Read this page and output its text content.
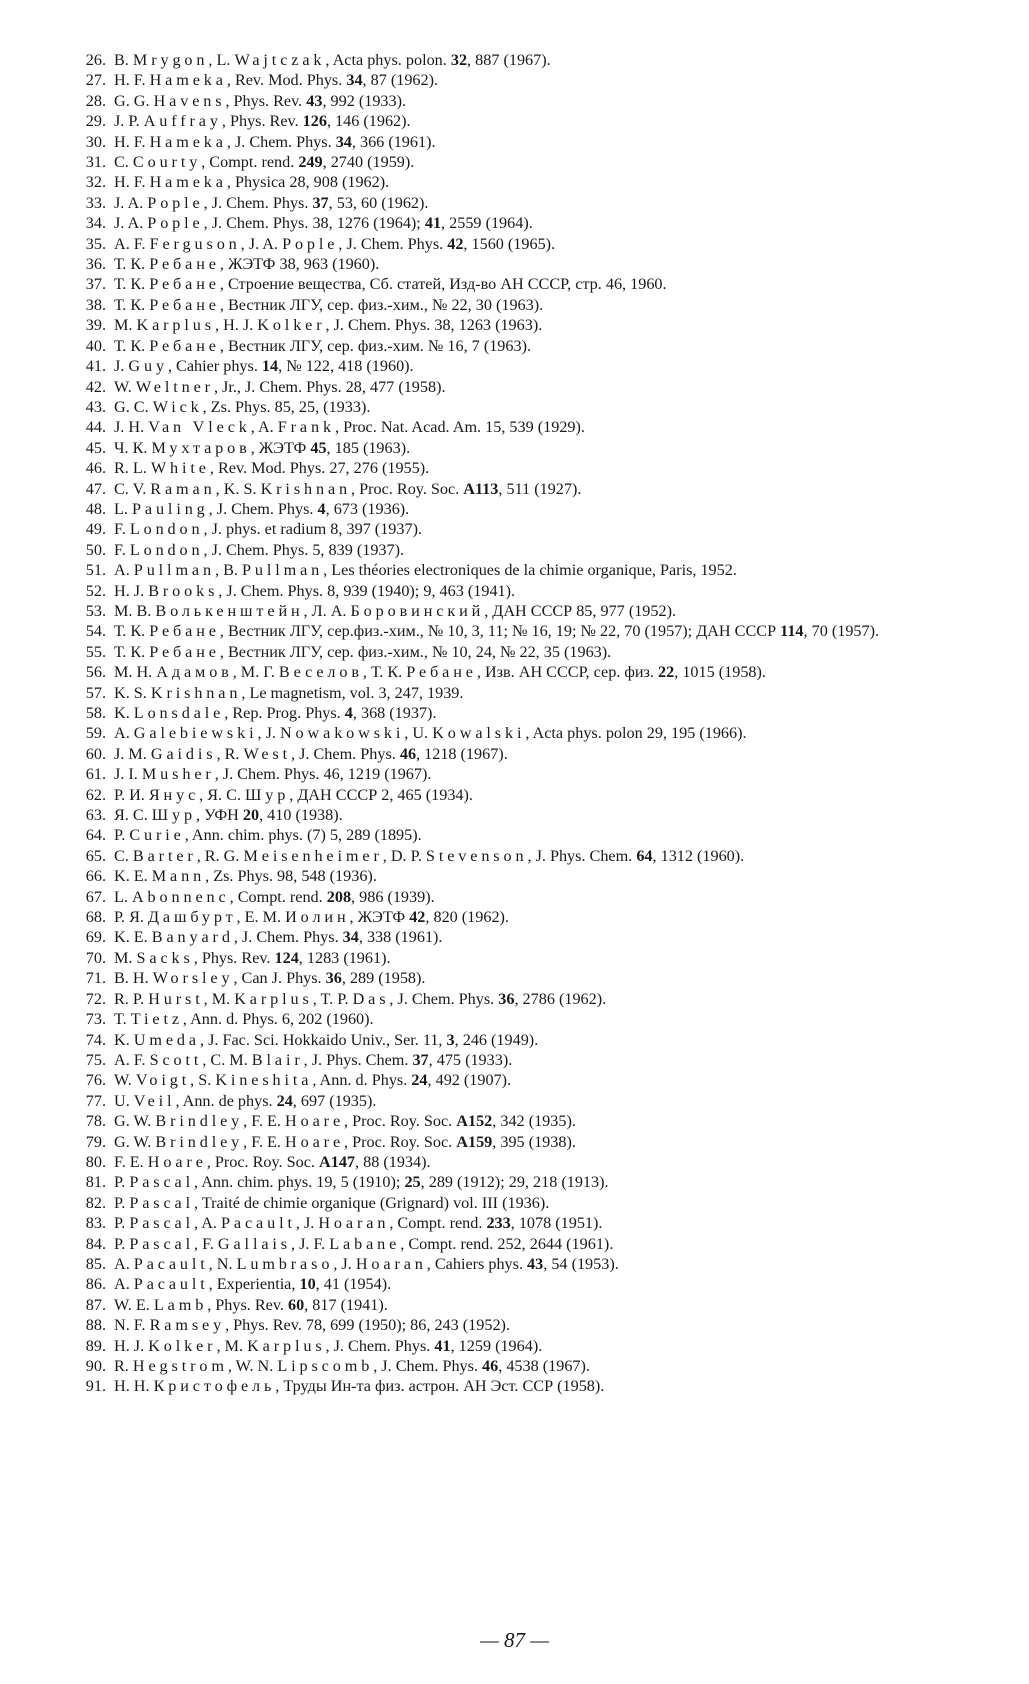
26. B. Mrygon, L. Wajtczak, Acta phys. polon. 32, 887 (1967).
27. H. F. Hameka, Rev. Mod. Phys. 34, 87 (1962).
28. G. G. Havens, Phys. Rev. 43, 992 (1933).
29. J. P. Auffray, Phys. Rev. 126, 146 (1962).
30. H. F. Hameka, J. Chem. Phys. 34, 366 (1961).
31. C. Courty, Compt. rend. 249, 2740 (1959).
32. H. F. Hameka, Physica 28, 908 (1962).
33. J. A. Pople, J. Chem. Phys. 37, 53, 60 (1962).
34. J. A. Pople, J. Chem. Phys. 38, 1276 (1964); 41, 2559 (1964).
35. A. F. Ferguson, J. A. Pople, J. Chem. Phys. 42, 1560 (1965).
36. Т. К. Ребане, ЖЭТФ 38, 963 (1960).
37. Т. К. Ребане, Строение вещества, Сб. статей, Изд-во АН СССР, стр. 46, 1960.
38. Т. К. Ребане, Вестник ЛГУ, сер. физ.-хим., № 22, 30 (1963).
39. M. Karplus, H. J. Kolker, J. Chem. Phys. 38, 1263 (1963).
40. Т. К. Ребане, Вестник ЛГУ, сер. физ.-хим. № 16, 7 (1963).
41. J. Guy, Cahier phys. 14, № 122, 418 (1960).
42. W. Weltner, Jr., J. Chem. Phys. 28, 477 (1958).
43. G. C. Wick, Zs. Phys. 85, 25, (1933).
44. J. H. Van Vleck, A. Frank, Proc. Nat. Acad. Am. 15, 539 (1929).
45. Ч. К. Мухтаров, ЖЭТФ 45, 185 (1963).
46. R. L. White, Rev. Mod. Phys. 27, 276 (1955).
47. C. V. Raman, K. S. Krishnan, Proc. Roy. Soc. A113, 511 (1927).
48. L. Pauling, J. Chem. Phys. 4, 673 (1936).
49. F. London, J. phys. et radium 8, 397 (1937).
50. F. London, J. Chem. Phys. 5, 839 (1937).
51. A. Pullman, B. Pullman, Les théories electroniques de la chimie organique, Paris, 1952.
52. H. J. Brooks, J. Chem. Phys. 8, 939 (1940); 9, 463 (1941).
53. М. В. Волькенштейн, Л. А. Боровинский, ДАН СССР 85, 977 (1952).
54. Т. К. Ребане, Вестник ЛГУ, сер.физ.-хим., № 10, 3, 11; № 16, 19; № 22, 70 (1957); ДАН СССР 114, 70 (1957).
55. Т. К. Ребане, Вестник ЛГУ, сер. физ.-хим., № 10, 24, № 22, 35 (1963).
56. М. Н. Адамов, М. Г. Веселов, Т. К. Ребане, Изв. АН СССР, сер. физ. 22, 1015 (1958).
57. K. S. Krishnan, Le magnetism, vol. 3, 247, 1939.
58. K. Lonsdale, Rep. Prog. Phys. 4, 368 (1937).
59. A. Galebiewski, J. Nowakowski, U. Kowalski, Acta phys. polon 29, 195 (1966).
60. J. M. Gaidis, R. West, J. Chem. Phys. 46, 1218 (1967).
61. J. I. Musher, J. Chem. Phys. 46, 1219 (1967).
62. Р. И. Янус, Я. С. Шур, ДАН СССР 2, 465 (1934).
63. Я. С. Шур, УФН 20, 410 (1938).
64. P. Curie, Ann. chim. phys. (7) 5, 289 (1895).
65. C. Barter, R. G. Meisenheimer, D. P. Stevenson, J. Phys. Chem. 64, 1312 (1960).
66. K. E. Mann, Zs. Phys. 98, 548 (1936).
67. L. Abonnenc, Compt. rend. 208, 986 (1939).
68. Р. Я. Дашбурт, Е. М. Иолин, ЖЭТФ 42, 820 (1962).
69. K. E. Banyard, J. Chem. Phys. 34, 338 (1961).
70. M. Sacks, Phys. Rev. 124, 1283 (1961).
71. B. H. Worsley, Can J. Phys. 36, 289 (1958).
72. R. P. Hurst, M. Karplus, T. P. Das, J. Chem. Phys. 36, 2786 (1962).
73. T. Tietz, Ann. d. Phys. 6, 202 (1960).
74. K. Umeda, J. Fac. Sci. Hokkaido Univ., Ser. 11, 3, 246 (1949).
75. A. F. Scott, C. M. Blair, J. Phys. Chem. 37, 475 (1933).
76. W. Voigt, S. Kineshita, Ann. d. Phys. 24, 492 (1907).
77. U. Veil, Ann. de phys. 24, 697 (1935).
78. G. W. Brindley, F. E. Hoare, Proc. Roy. Soc. A152, 342 (1935).
79. G. W. Brindley, F. E. Hoare, Proc. Roy. Soc. A159, 395 (1938).
80. F. E. Hoare, Proc. Roy. Soc. A147, 88 (1934).
81. P. Pascal, Ann. chim. phys. 19, 5 (1910); 25, 289 (1912); 29, 218 (1913).
82. P. Pascal, Traité de chimie organique (Grignard) vol. III (1936).
83. P. Pascal, A. Pacault, J. Hoaran, Compt. rend. 233, 1078 (1951).
84. P. Pascal, F. Gallais, J. F. Labane, Compt. rend. 252, 2644 (1961).
85. A. Pacault, N. Lumbraso, J. Hoaran, Cahiers phys. 43, 54 (1953).
86. A. Pacault, Experientia, 10, 41 (1954).
87. W. E. Lamb, Phys. Rev. 60, 817 (1941).
88. N. F. Ramsey, Phys. Rev. 78, 699 (1950); 86, 243 (1952).
89. H. J. Kolker, M. Karplus, J. Chem. Phys. 41, 1259 (1964).
90. R. Hegstrom, W. N. Lipscomb, J. Chem. Phys. 46, 4538 (1967).
91. Н. Н. Кристофель, Труды Ин-та физ. астрон. АН Эст. ССР (1958).
— 87 —
